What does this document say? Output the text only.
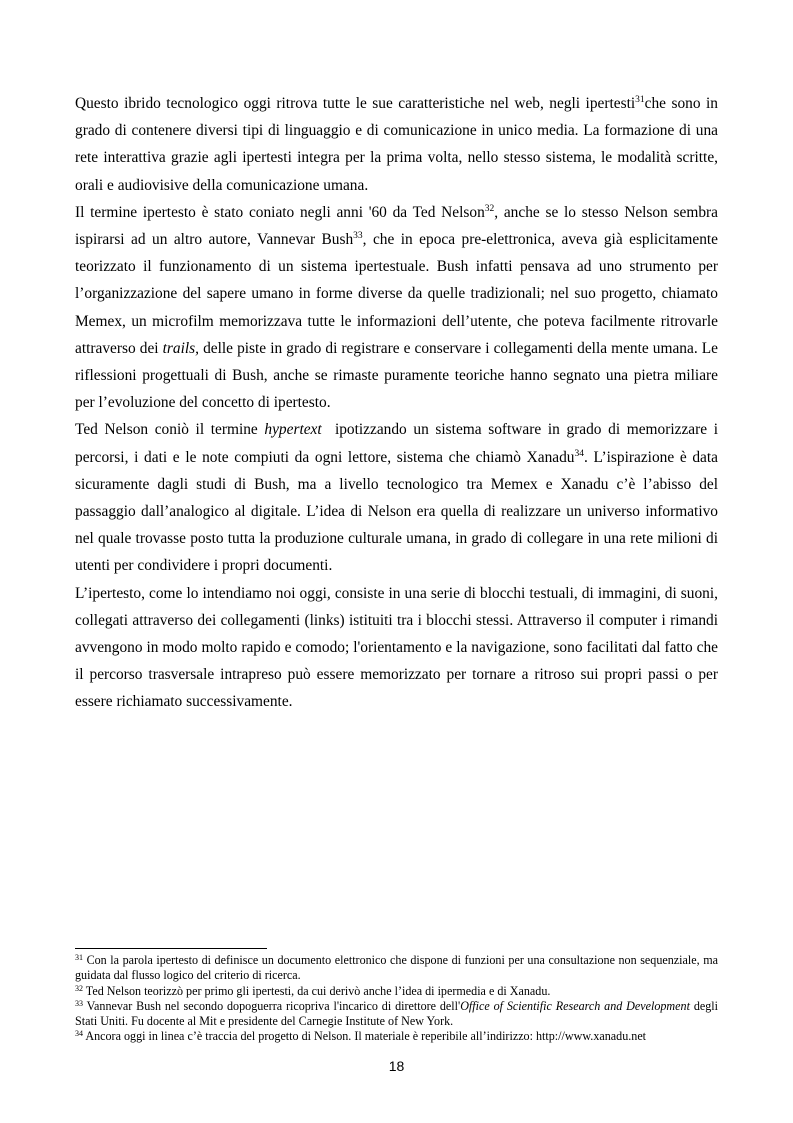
Questo ibrido tecnologico oggi ritrova tutte le sue caratteristiche nel web, negli ipertesti$^{31}$che sono in grado di contenere diversi tipi di linguaggio e di comunicazione in unico media. La formazione di una rete interattiva grazie agli ipertesti integra per la prima volta, nello stesso sistema, le modalità scritte, orali e audiovisive della comunicazione umana.

Il termine ipertesto è stato coniato negli anni '60 da Ted Nelson$^{32}$, anche se lo stesso Nelson sembra ispirarsi ad un altro autore, Vannevar Bush$^{33}$, che in epoca pre-elettronica, aveva già esplicitamente teorizzato il funzionamento di un sistema ipertestuale. Bush infatti pensava ad uno strumento per l’organizzazione del sapere umano in forme diverse da quelle tradizionali; nel suo progetto, chiamato Memex, un microfilm memorizzava tutte le informazioni dell’utente, che poteva facilmente ritrovarle attraverso dei trails, delle piste in grado di registrare e conservare i collegamenti della mente umana. Le riflessioni progettuali di Bush, anche se rimaste puramente teoriche hanno segnato una pietra miliare per l’evoluzione del concetto di ipertesto.

Ted Nelson coniò il termine hypertext ipotizzando un sistema software in grado di memorizzare i percorsi, i dati e le note compiuti da ogni lettore, sistema che chiamò Xanadu$^{34}$. L’ispirazione è data sicuramente dagli studi di Bush, ma a livello tecnologico tra Memex e Xanadu c’è l’abisso del passaggio dall’analogico al digitale. L’idea di Nelson era quella di realizzare un universo informativo nel quale trovasse posto tutta la produzione culturale umana, in grado di collegare in una rete milioni di utenti per condividere i propri documenti.

L’ipertesto, come lo intendiamo noi oggi, consiste in una serie di blocchi testuali, di immagini, di suoni, collegati attraverso dei collegamenti (links) istituiti tra i blocchi stessi. Attraverso il computer i rimandi avvengono in modo molto rapido e comodo; l'orientamento e la navigazione, sono facilitati dal fatto che il percorso trasversale intrapreso può essere memorizzato per tornare a ritroso sui propri passi o per essere richiamato successivamente.

$^{31}$ Con la parola ipertesto di definisce un documento elettronico che dispone di funzioni per una consultazione non sequenziale, ma guidata dal flusso logico del criterio di ricerca.

$^{32}$ Ted Nelson teorizzò per primo gli ipertesti, da cui derivò anche l’idea di ipermedia e di Xanadu.

$^{33}$ Vannevar Bush nel secondo dopoguerra ricopriva l'incarico di direttore dell'Office of Scientific Research and Development degli Stati Uniti. Fu docente al Mit e presidente del Carnegie Institute of New York.

$^{34}$ Ancora oggi in linea c’è traccia del progetto di Nelson. Il materiale è reperibile all’indirizzo: http://www.xanadu.net

18
